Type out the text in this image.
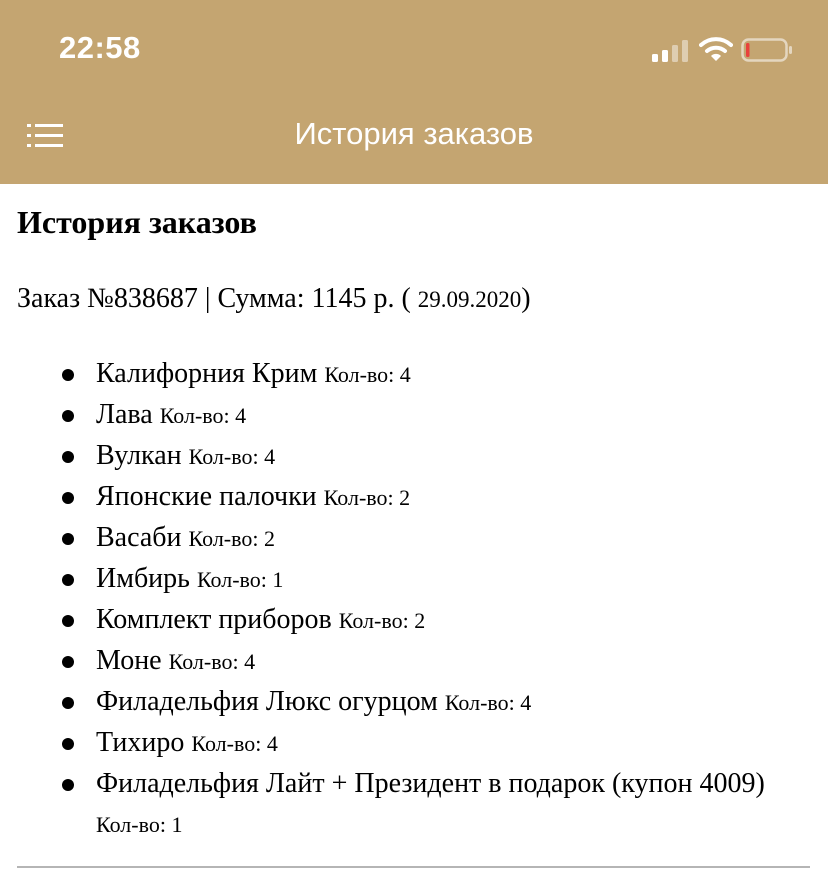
22:58
История заказов
История заказов
Заказ №838687 | Сумма: 1145 р. ( 29.09.2020)
Калифорния Крим Кол-во: 4
Лава Кол-во: 4
Вулкан Кол-во: 4
Японские палочки Кол-во: 2
Васаби Кол-во: 2
Имбирь Кол-во: 1
Комплект приборов Кол-во: 2
Моне Кол-во: 4
Филадельфия Люкс огурцом Кол-во: 4
Тихиро Кол-во: 4
Филадельфия Лайт + Президент в подарок (купон 4009) Кол-во: 1
